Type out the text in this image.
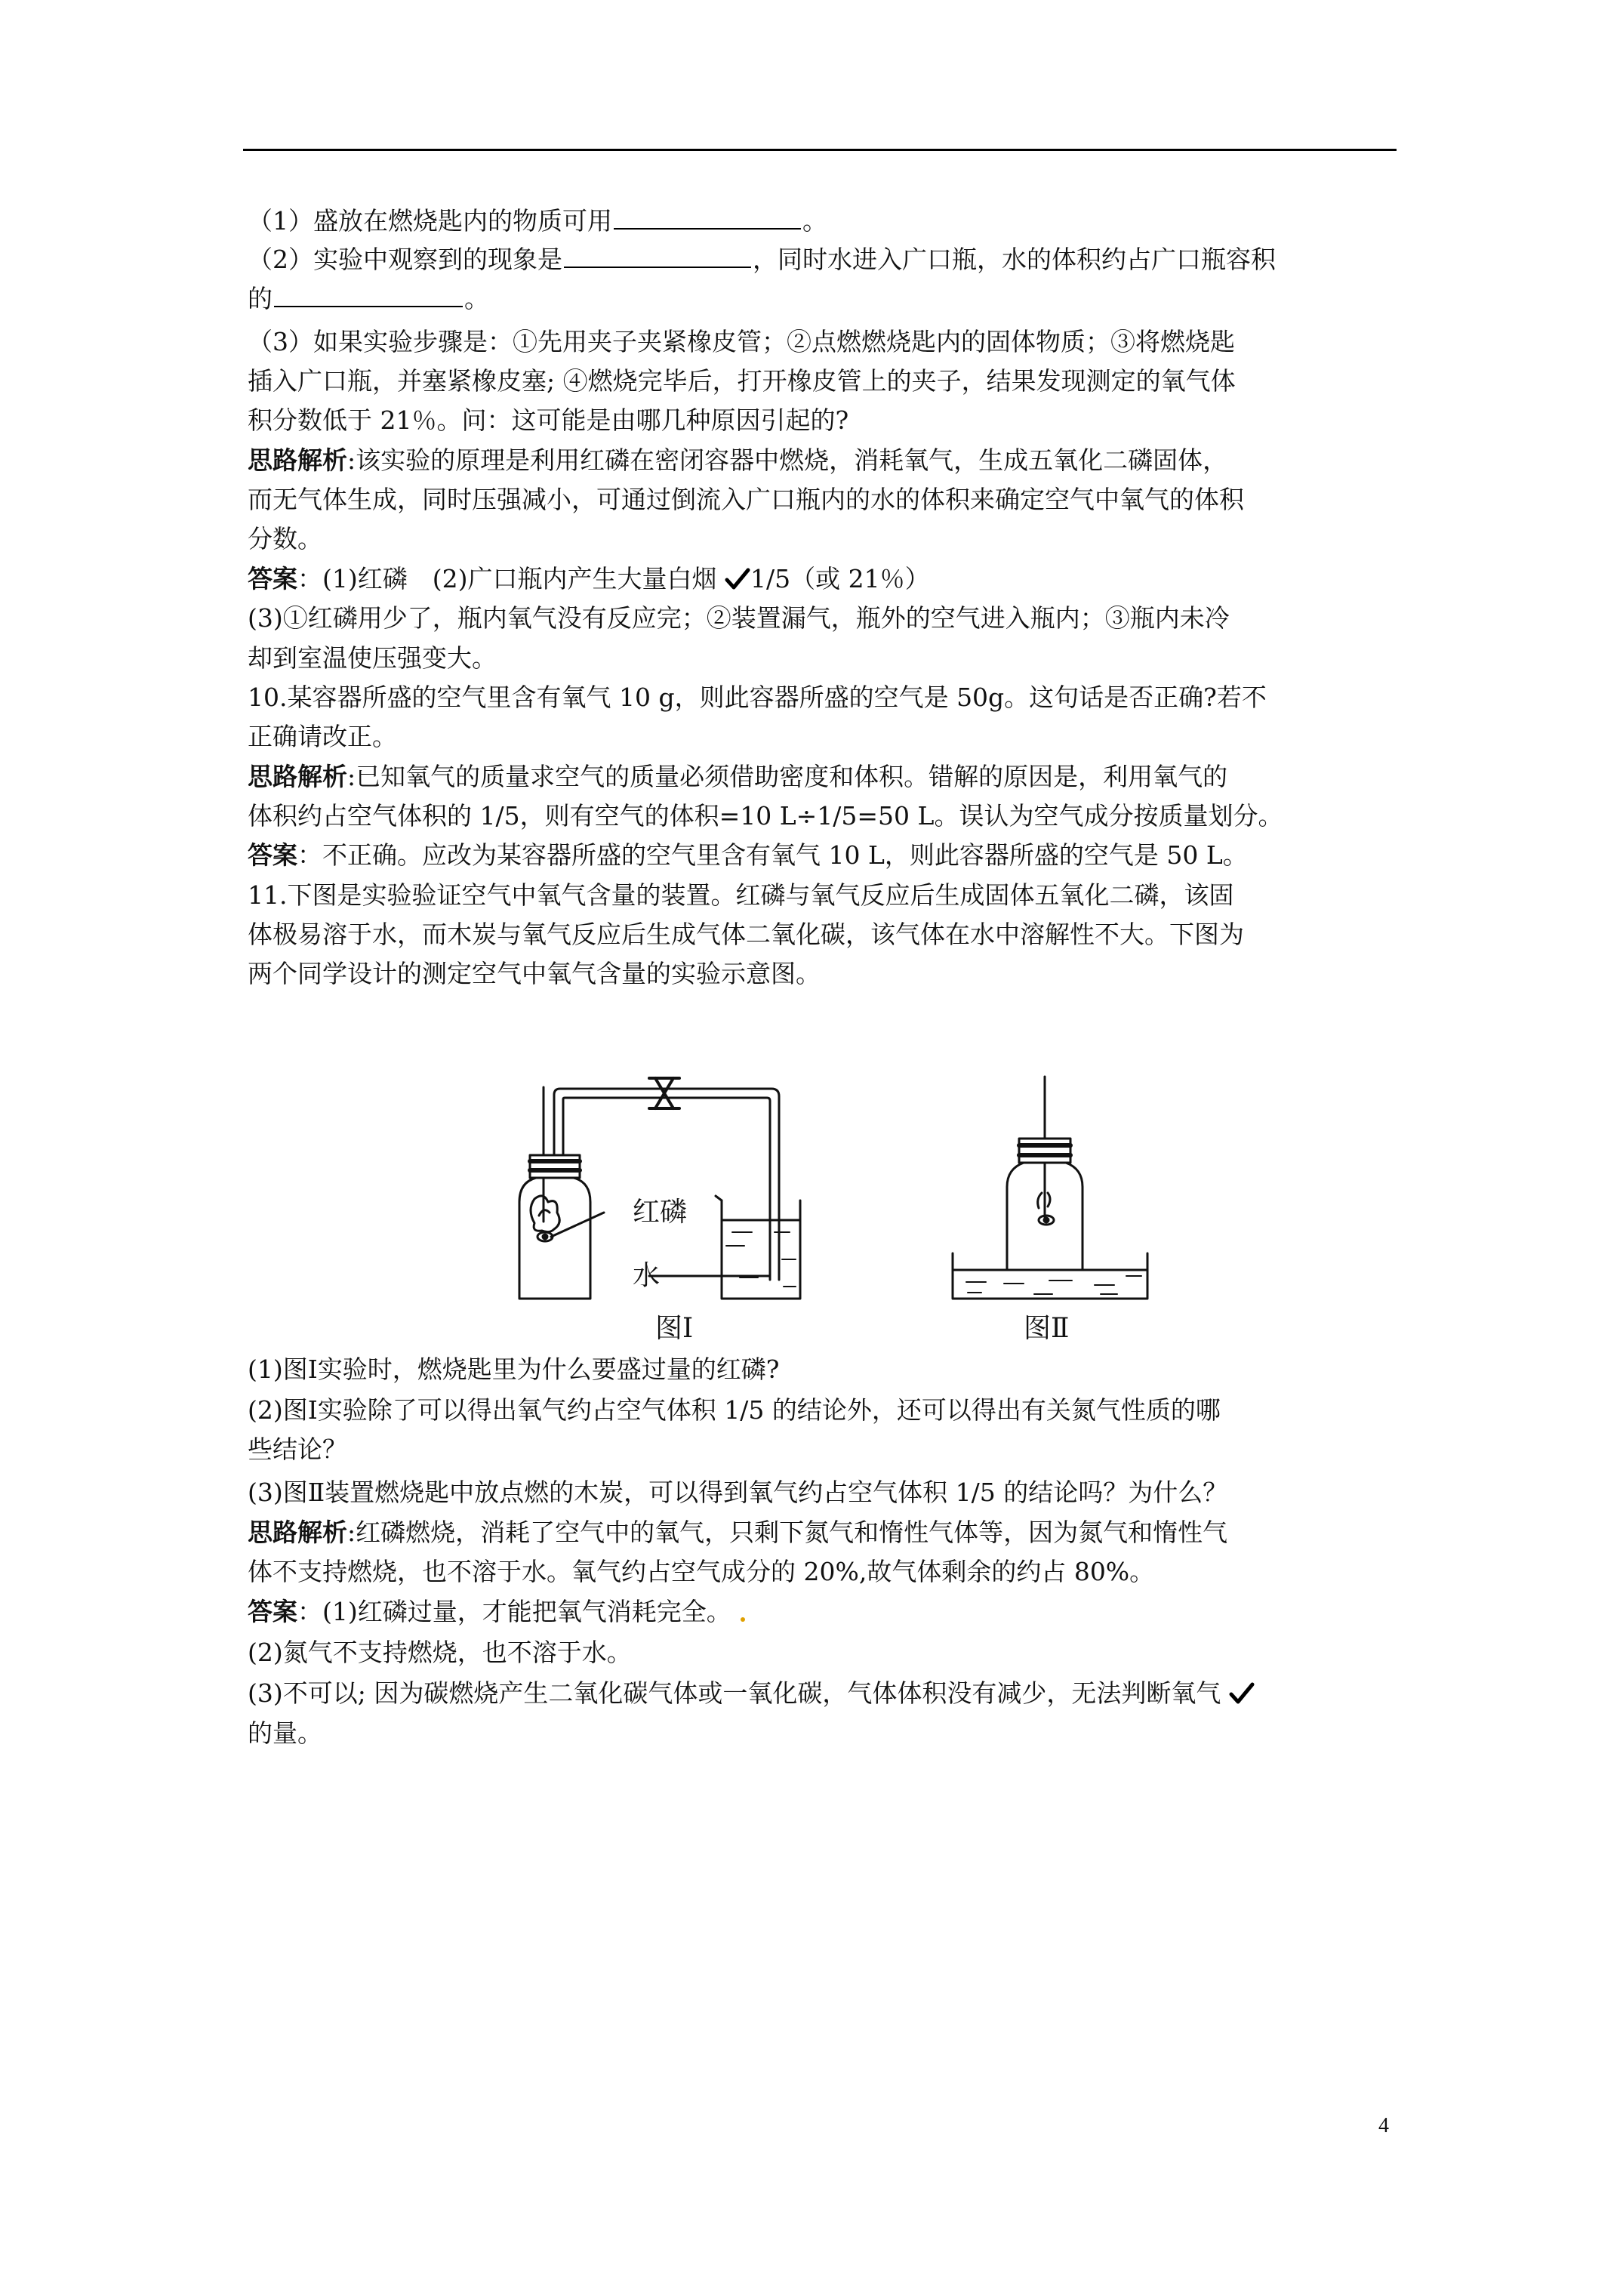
（1）盛放在燃烧匙内的物质可用	。
（2）实验中观察到的现象是	，同时水进入广口瓶，水的体积约占广口瓶容积
的	。
（3）如果实验步骤是：①先用夹子夹紧橡皮管；②点燃燃烧匙内的固体物质；③将燃烧匙
插入广口瓶，并塞紧橡皮塞; ④燃烧完毕后，打开橡皮管上的夹子，结果发现测定的氧气体
积分数低于 21％。问：这可能是由哪几种原因引起的?
思路解析:该实验的原理是利用红磷在密闭容器中燃烧，消耗氧气，生成五氧化二磷固体，
而无气体生成，同时压强减小，可通过倒流入广口瓶内的水的体积来确定空气中氧气的体积
分数。
答案：(1)红磷　(2)广口瓶内产生大量白烟 1/5（或 21％）
(3)①红磷用少了，瓶内氧气没有反应完；②装置漏气，瓶外的空气进入瓶内；③瓶内未冷
却到室温使压强变大。
10.某容器所盛的空气里含有氧气 10 g，则此容器所盛的空气是 50g。这句话是否正确?若不
正确请改正。
思路解析:已知氧气的质量求空气的质量必须借助密度和体积。错解的原因是，利用氧气的
体积约占空气体积的 1/5，则有空气的体积=10 L÷1/5=50 L。误认为空气成分按质量划分。
答案：不正确。应改为某容器所盛的空气里含有氧气 10 L，则此容器所盛的空气是 50 L。
11.下图是实验验证空气中氧气含量的装置。红磷与氧气反应后生成固体五氧化二磷，该固
体极易溶于水，而木炭与氧气反应后生成气体二氧化碳，该气体在水中溶解性不大。下图为
两个同学设计的测定空气中氧气含量的实验示意图。
(1)图Ⅰ实验时，燃烧匙里为什么要盛过量的红磷?
(2)图Ⅰ实验除了可以得出氧气约占空气体积 1/5 的结论外，还可以得出有关氮气性质的哪
些结论？
(3)图Ⅱ装置燃烧匙中放点燃的木炭，可以得到氧气约占空气体积 1/5 的结论吗？为什么？
思路解析:红磷燃烧，消耗了空气中的氧气，只剩下氮气和惰性气体等，因为氮气和惰性气
体不支持燃烧，也不溶于水。氧气约占空气成分的 20%,故气体剩余的约占 80%。
答案：(1)红磷过量，才能把氧气消耗完全。
(2)氮气不支持燃烧，也不溶于水。
(3)不可以; 因为碳燃烧产生二氧化碳气体或一氧化碳，气体体积没有减少，无法判断氧气
的量。
红磷
水
图Ⅰ	图Ⅱ
4
